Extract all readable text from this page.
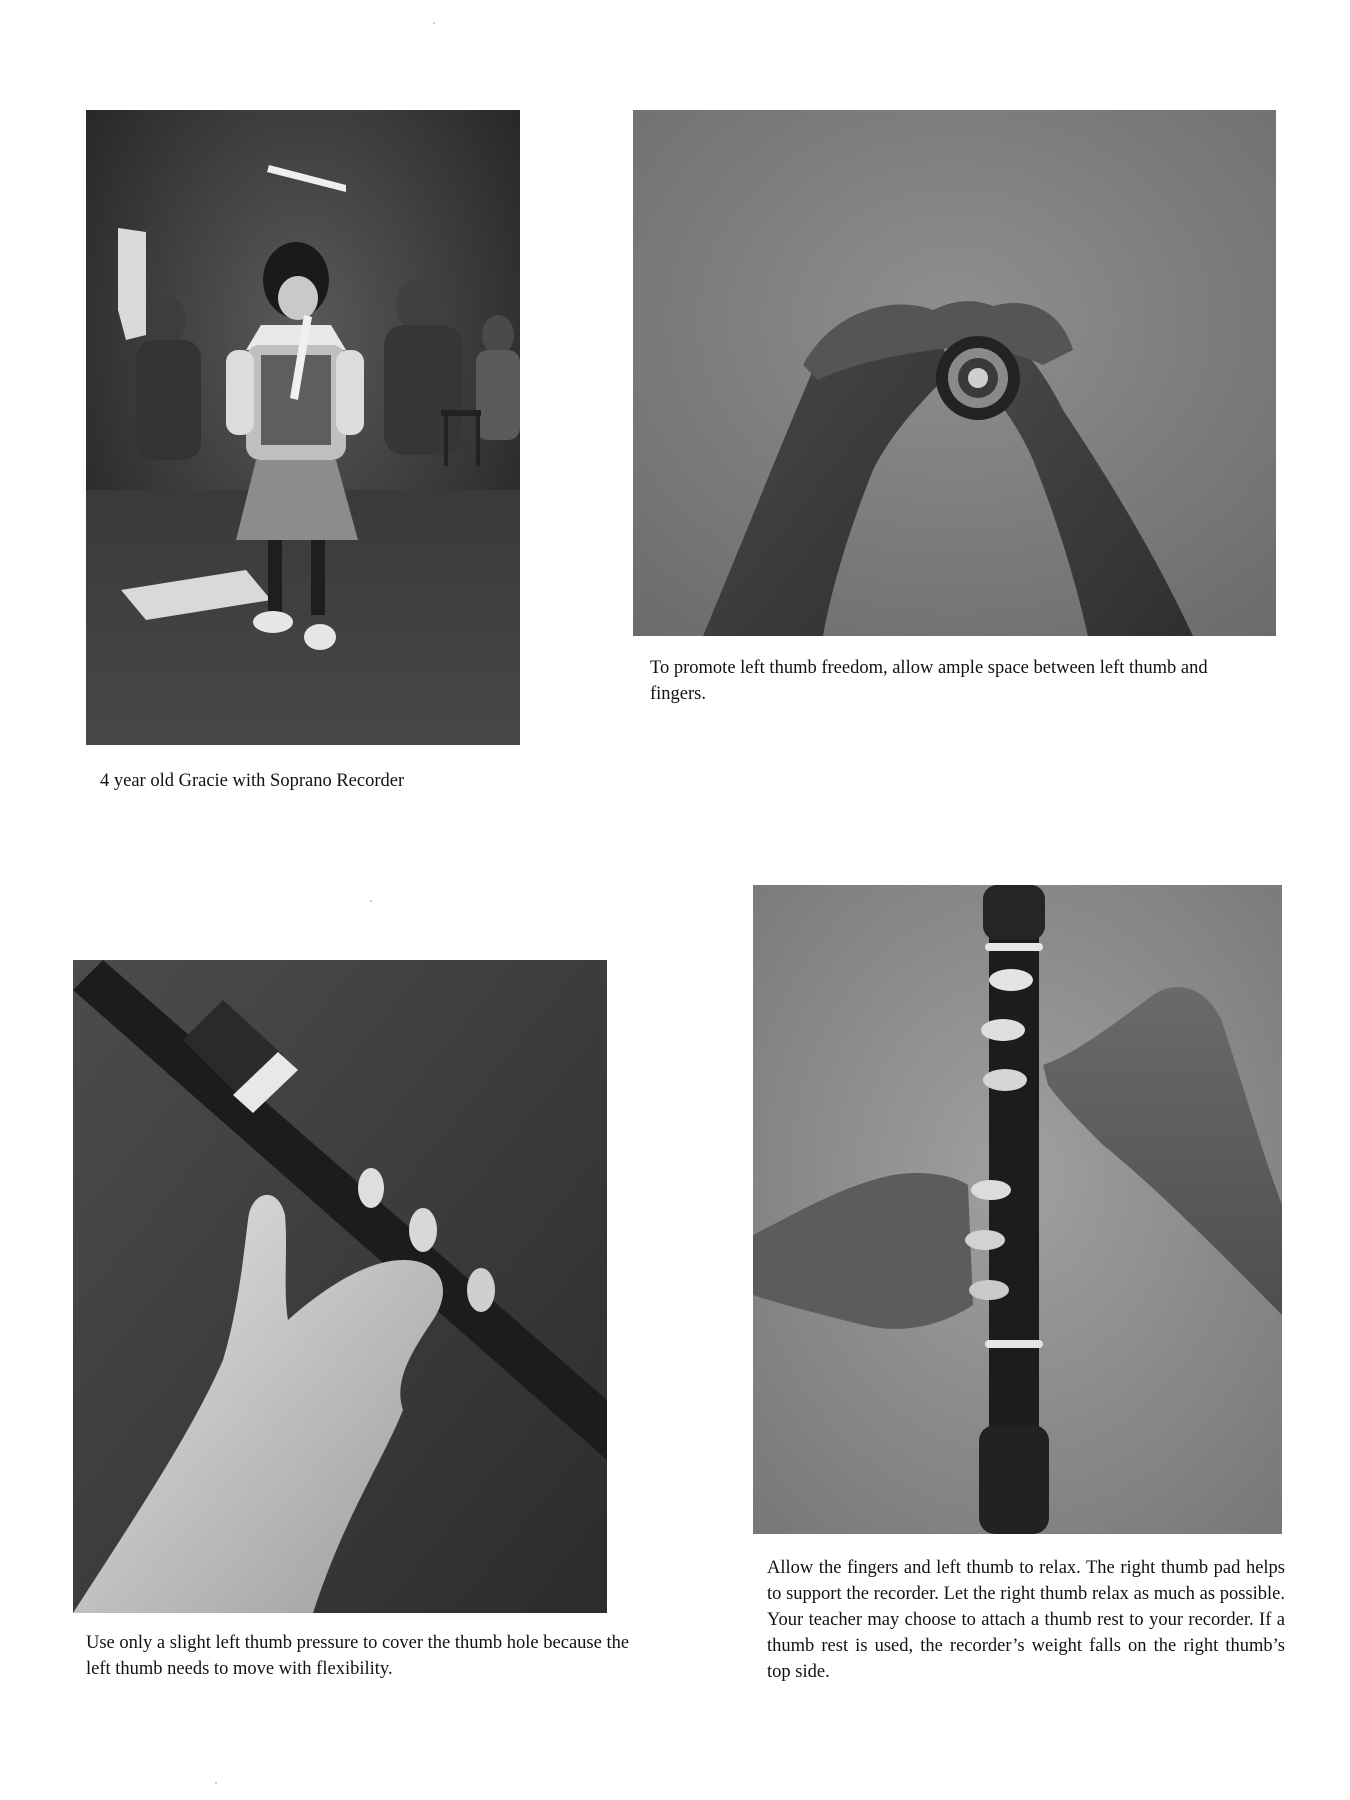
4 year old Gracie with Soprano Recorder
To promote left thumb freedom, allow ample space between left thumb and fingers.
Use only a slight left thumb pressure to cover the thumb hole because the left thumb needs to move with flexibility.
Allow the fingers and left thumb to relax. The right thumb pad helps to support the recorder. Let the right thumb relax as much as possible. Your teacher may choose to attach a thumb rest to your recorder. If a thumb rest is used, the recorder’s weight falls on the right thumb’s top side.
